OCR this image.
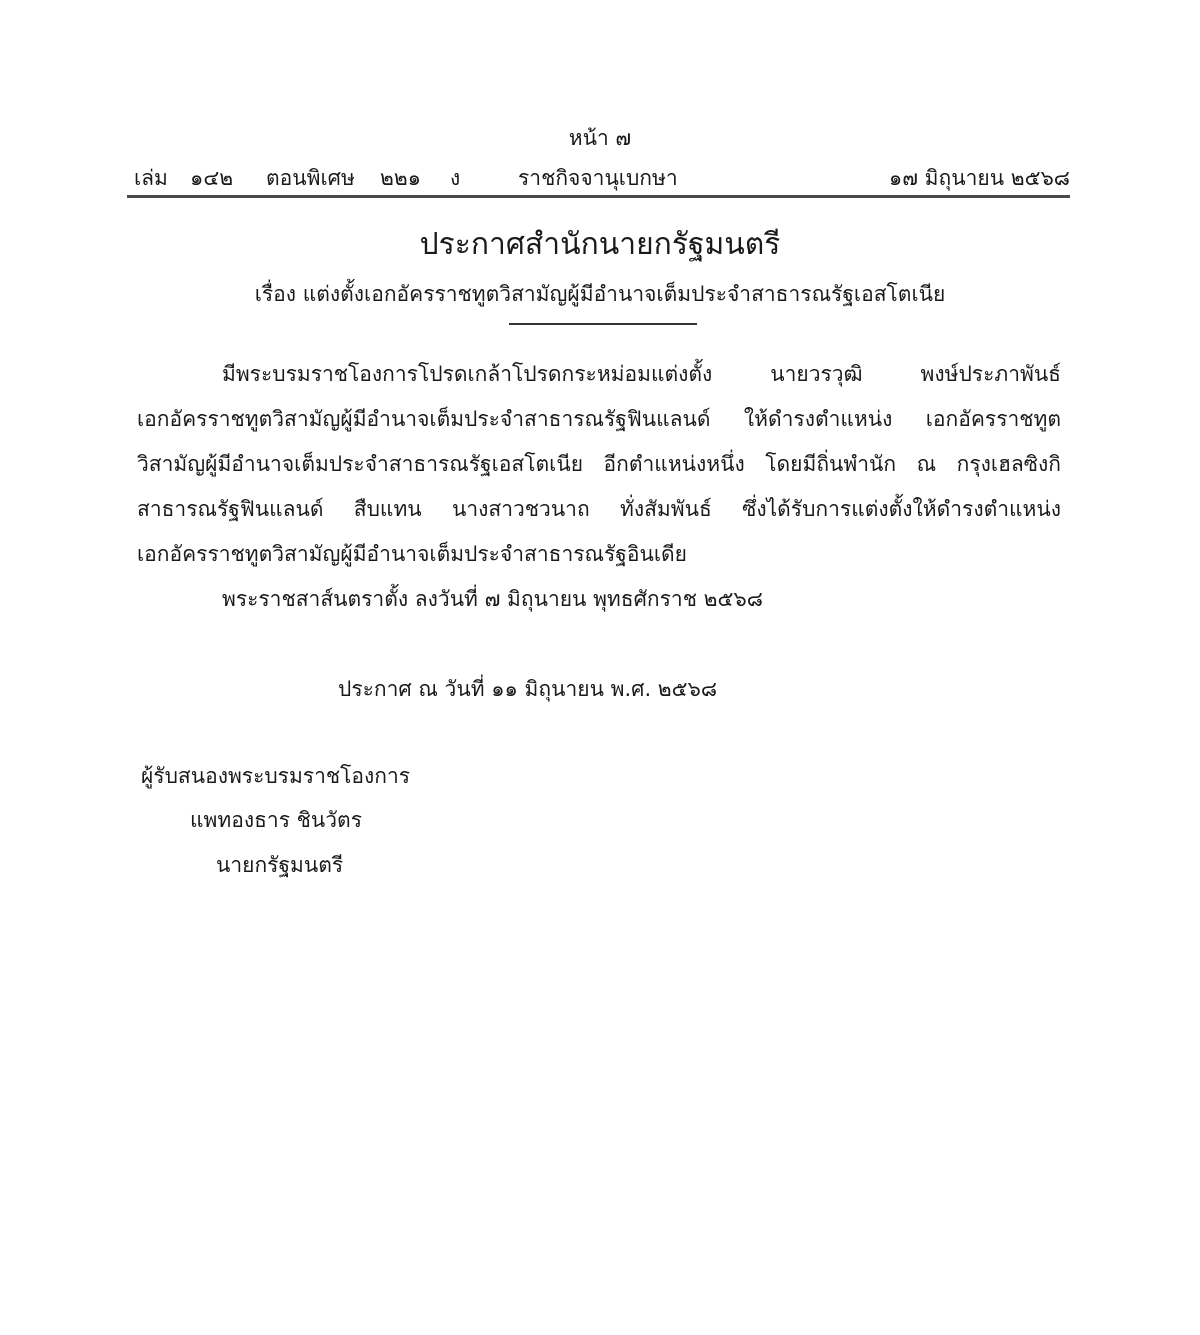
หน้า ๗
เล่ม ๑๔๒ ตอนพิเศษ ๒๒๑ ง	ราชกิจจานุเบกษา	๑๗ มิถุนายน ๒๕๖๘
ประกาศสำนักนายกรัฐมนตรี
เรื่อง แต่งตั้งเอกอัครราชทูตวิสามัญผู้มีอำนาจเต็มประจำสาธารณรัฐเอสโตเนีย
มีพระบรมราชโองการโปรดเกล้าโปรดกระหม่อมแต่งตั้ง นายวรวุฒิ พงษ์ประภาพันธ์
เอกอัครราชทูตวิสามัญผู้มีอำนาจเต็มประจำสาธารณรัฐฟินแลนด์ ให้ดำรงตำแหน่ง เอกอัครราชทูต
วิสามัญผู้มีอำนาจเต็มประจำสาธารณรัฐเอสโตเนีย อีกตำแหน่งหนึ่ง โดยมีถิ่นพำนัก ณ กรุงเฮลซิงกิ
สาธารณรัฐฟินแลนด์ สืบแทน นางสาวชวนาถ ทั่งสัมพันธ์ ซึ่งได้รับการแต่งตั้งให้ดำรงตำแหน่ง
เอกอัครราชทูตวิสามัญผู้มีอำนาจเต็มประจำสาธารณรัฐอินเดีย
พระราชสาส์นตราตั้ง ลงวันที่ ๗ มิถุนายน พุทธศักราช ๒๕๖๘
ประกาศ ณ วันที่ ๑๑ มิถุนายน พ.ศ. ๒๕๖๘
ผู้รับสนองพระบรมราชโองการ
แพทองธาร ชินวัตร
นายกรัฐมนตรี
